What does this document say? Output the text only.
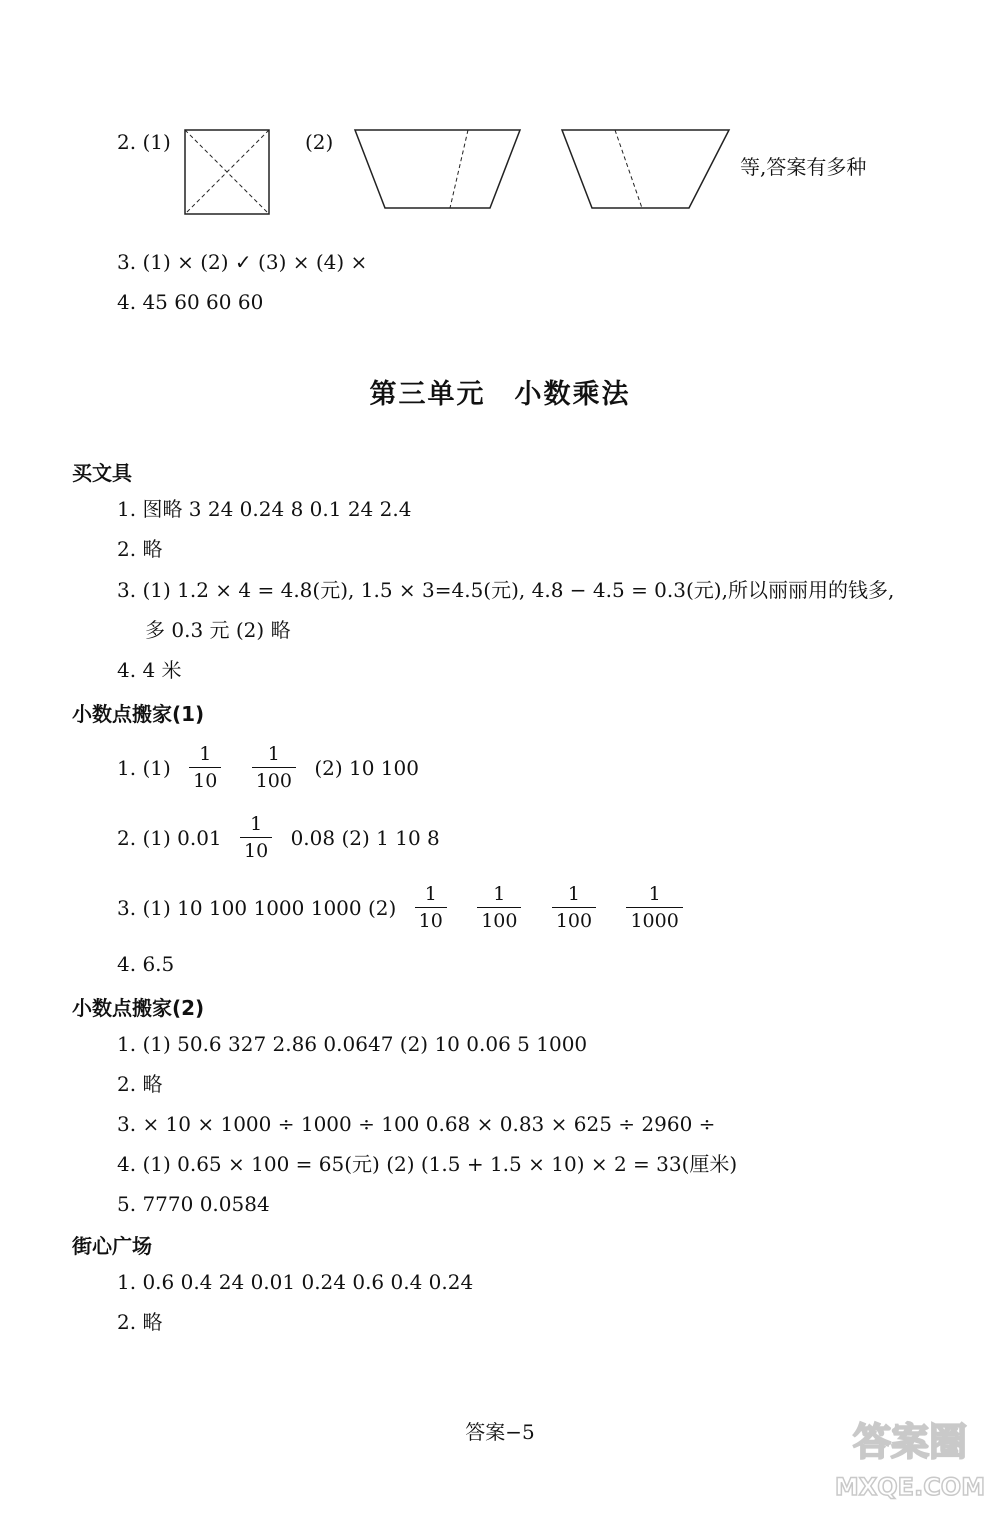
2. (1)	(2)
等,答案有多种
3. (1) × (2) ✓ (3) × (4) ×
4. 45 60 60 60
第三单元　小数乘法
买文具
1. 图略 3 24 0.24 8 0.1 24 2.4
2. 略
3. (1) 1.2 × 4 = 4.8(元), 1.5 × 3=4.5(元), 4.8 − 4.5 = 0.3(元),所以丽丽用的钱多,
多 0.3 元 (2) 略
4. 4 米
小数点搬家(1)
1. $(1) \frac{1}{10}$
$\frac{1}{100} (2)$ 10 100
2. (1) $0.01 \frac{1}{10} 0.08$ (2) 1 10 8
3. (1) 10 100 1000 1000 $(2) \frac{1}{10}$
$\frac{1}{100}$
$\frac{1}{100}$
$\frac{1}{1000}$
4. 6.5
小数点搬家(2)
1. (1) 50.6 327 2.86 0.0647 (2) 10 0.06 5 1000
2. 略
3. × 10 × 1000 ÷ 1000 ÷ 100 0.68 × 0.83 × 625 ÷ 2960 ÷
4. (1) 0.65 × 100 = 65(元) (2) (1.5 + 1.5 × 10) × 2 = 33(厘米)
5. 7770 0.0584
街心广场
1. 0.6 0.4 24 0.01 0.24 0.6 0.4 0.24
2. 略
答案−5	答案圈
MXQE.COM
